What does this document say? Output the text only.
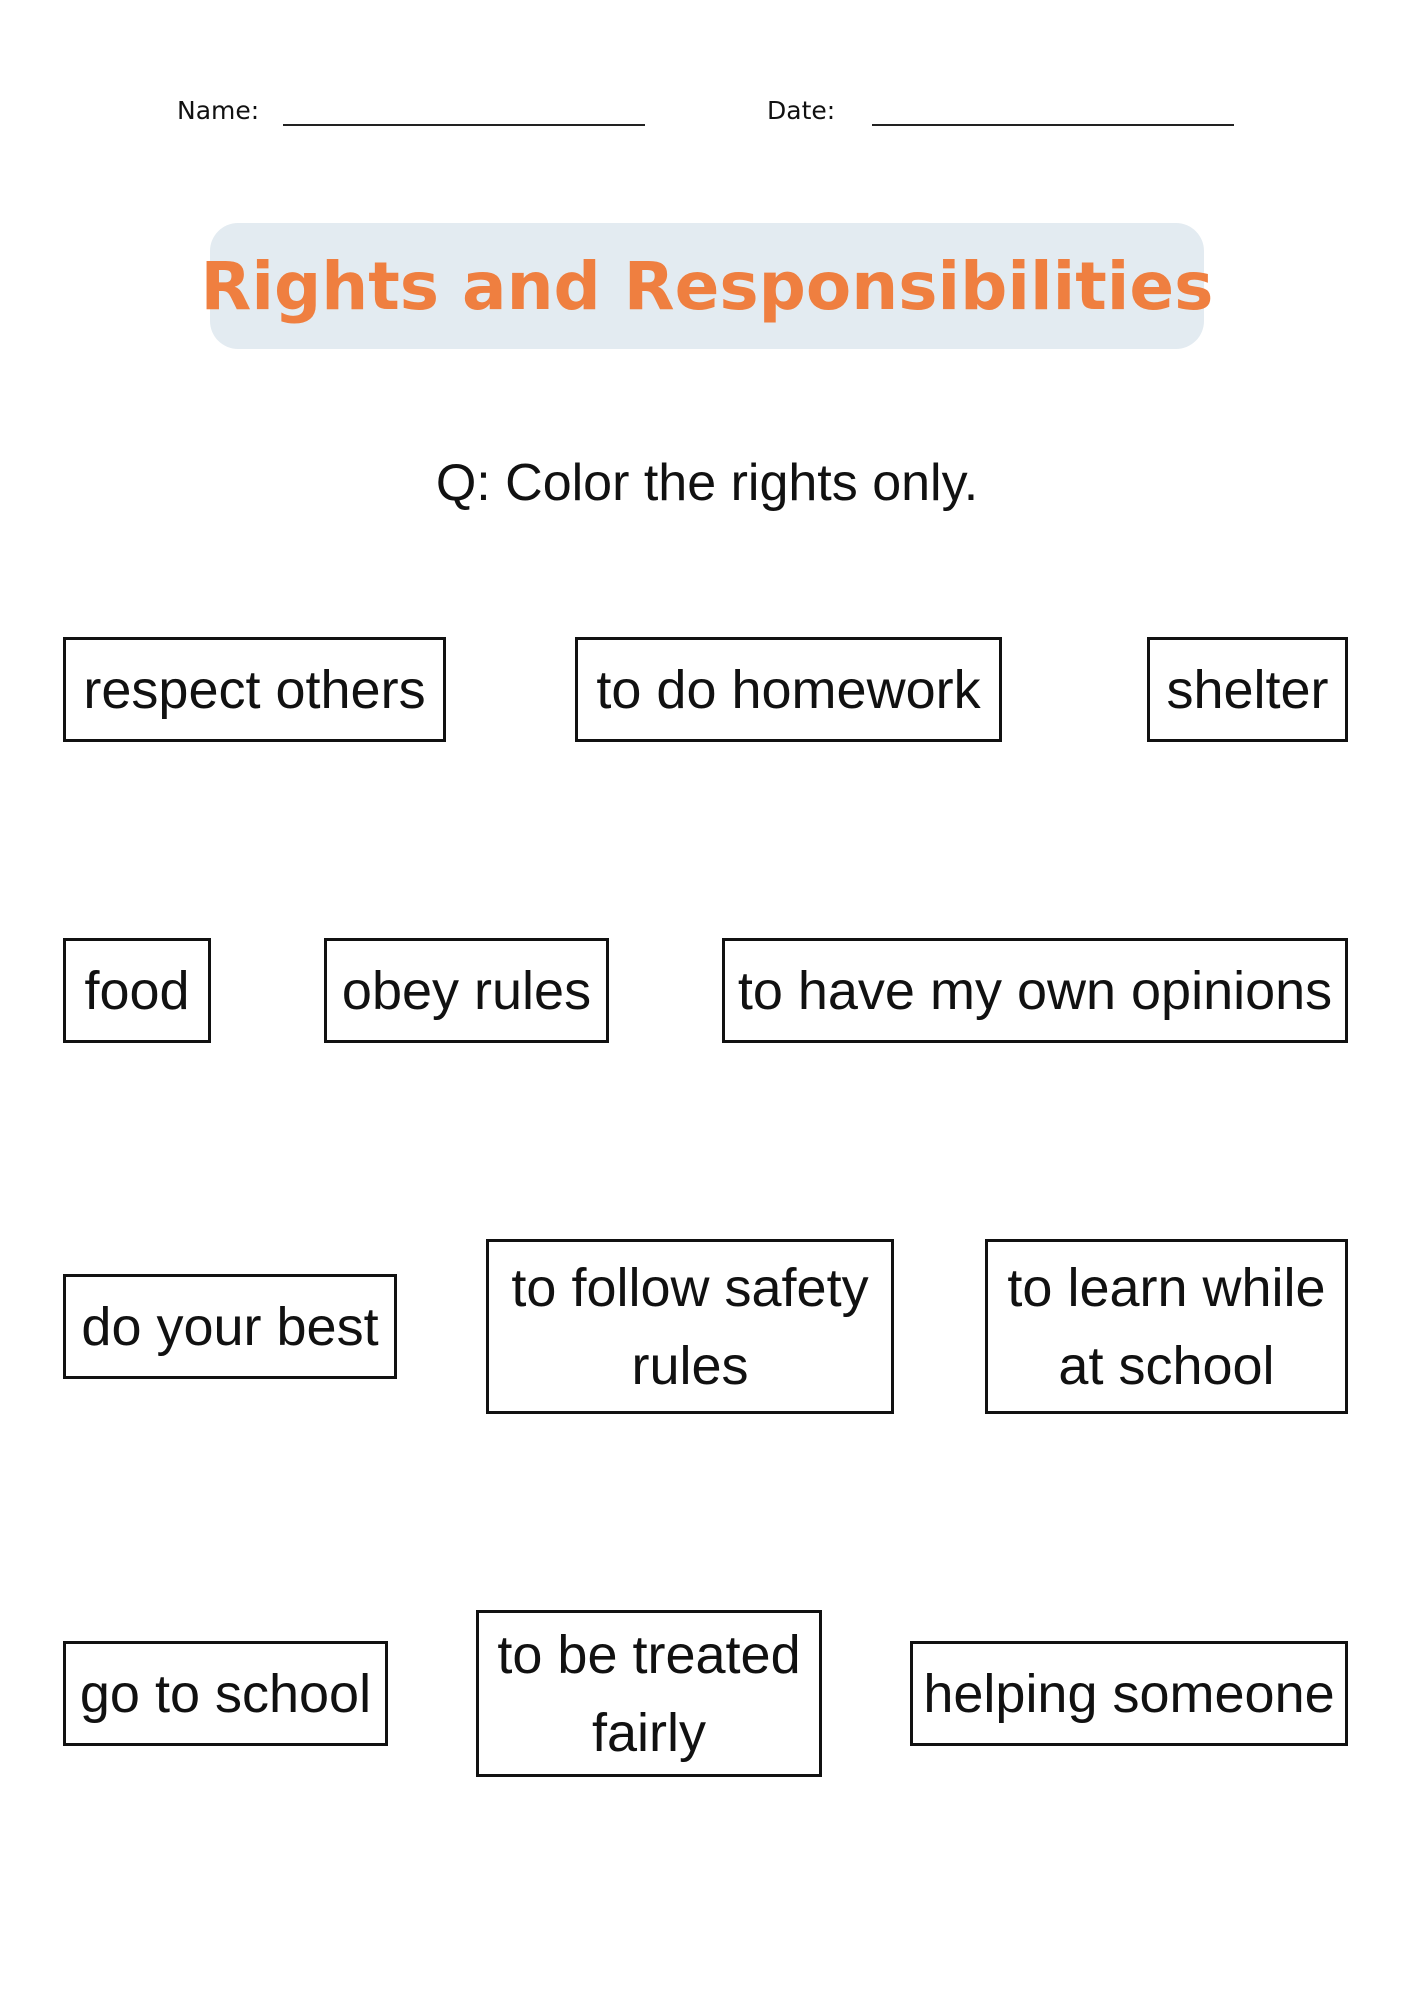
Name:	Date:
Rights and Responsibilities
Q: Color the rights only.
respect others	to do homework	shelter
food	obey rules	to have my own opinions
do your best
to follow safety rules
to learn while at school
go to school
to be treated fairly
helping someone
